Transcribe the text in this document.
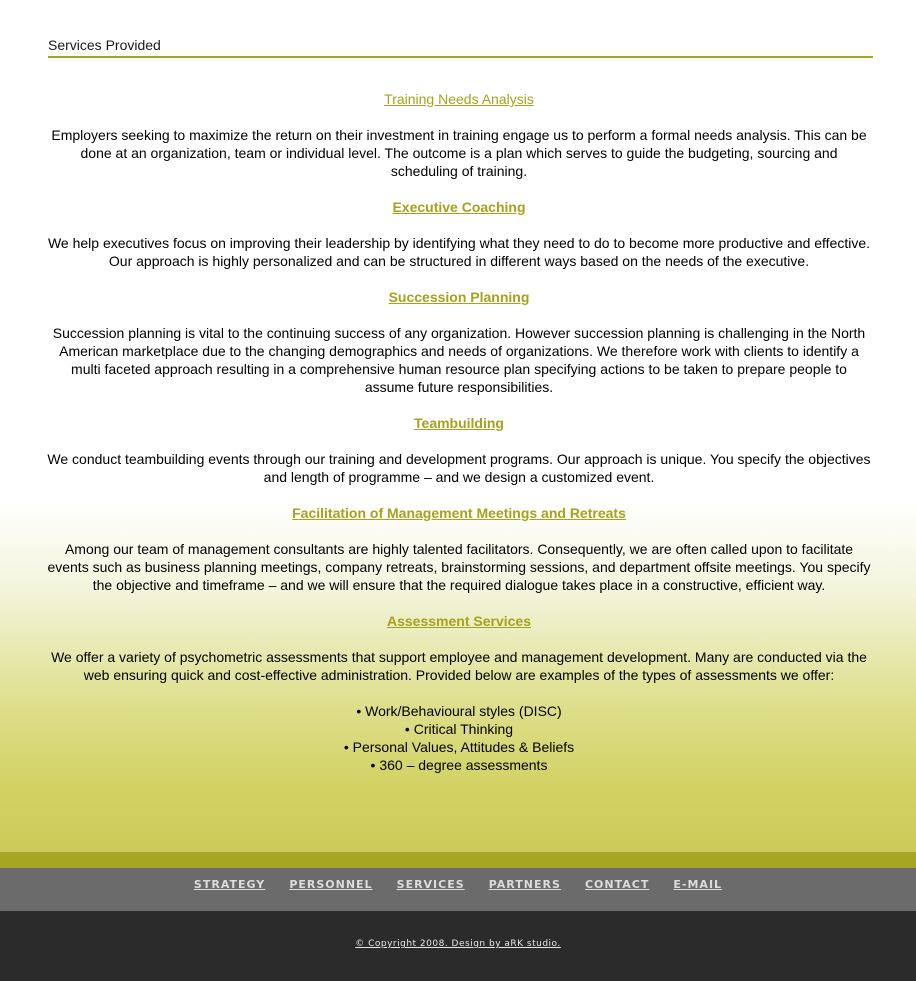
Services Provided
Training Needs Analysis

Employers seeking to maximize the return on their investment in training engage us to perform a formal needs analysis. This can be done at an organization, team or individual level. The outcome is a plan which serves to guide the budgeting, sourcing and scheduling of training.

Executive Coaching

We help executives focus on improving their leadership by identifying what they need to do to become more productive and effective. Our approach is highly personalized and can be structured in different ways based on the needs of the executive.

Succession Planning

Succession planning is vital to the continuing success of any organization. However succession planning is challenging in the North American marketplace due to the changing demographics and needs of organizations. We therefore work with clients to identify a multi faceted approach resulting in a comprehensive human resource plan specifying actions to be taken to prepare people to assume future responsibilities.

Teambuilding

We conduct teambuilding events through our training and development programs. Our approach is unique. You specify the objectives and length of programme – and we design a customized event.

Facilitation of Management Meetings and Retreats

Among our team of management consultants are highly talented facilitators. Consequently, we are often called upon to facilitate events such as business planning meetings, company retreats, brainstorming sessions, and department offsite meetings. You specify the objective and timeframe – and we will ensure that the required dialogue takes place in a constructive, efficient way.

Assessment Services

We offer a variety of psychometric assessments that support employee and management development. Many are conducted via the web ensuring quick and cost-effective administration. Provided below are examples of the types of assessments we offer:

• Work/Behavioural styles (DISC)
• Critical Thinking
• Personal Values, Attitudes & Beliefs
• 360 – degree assessments
STRATEGY PERSONNEL SERVICES PARTNERS CONTACT E-MAIL
© Copyright 2008. Design by aRK studio.
